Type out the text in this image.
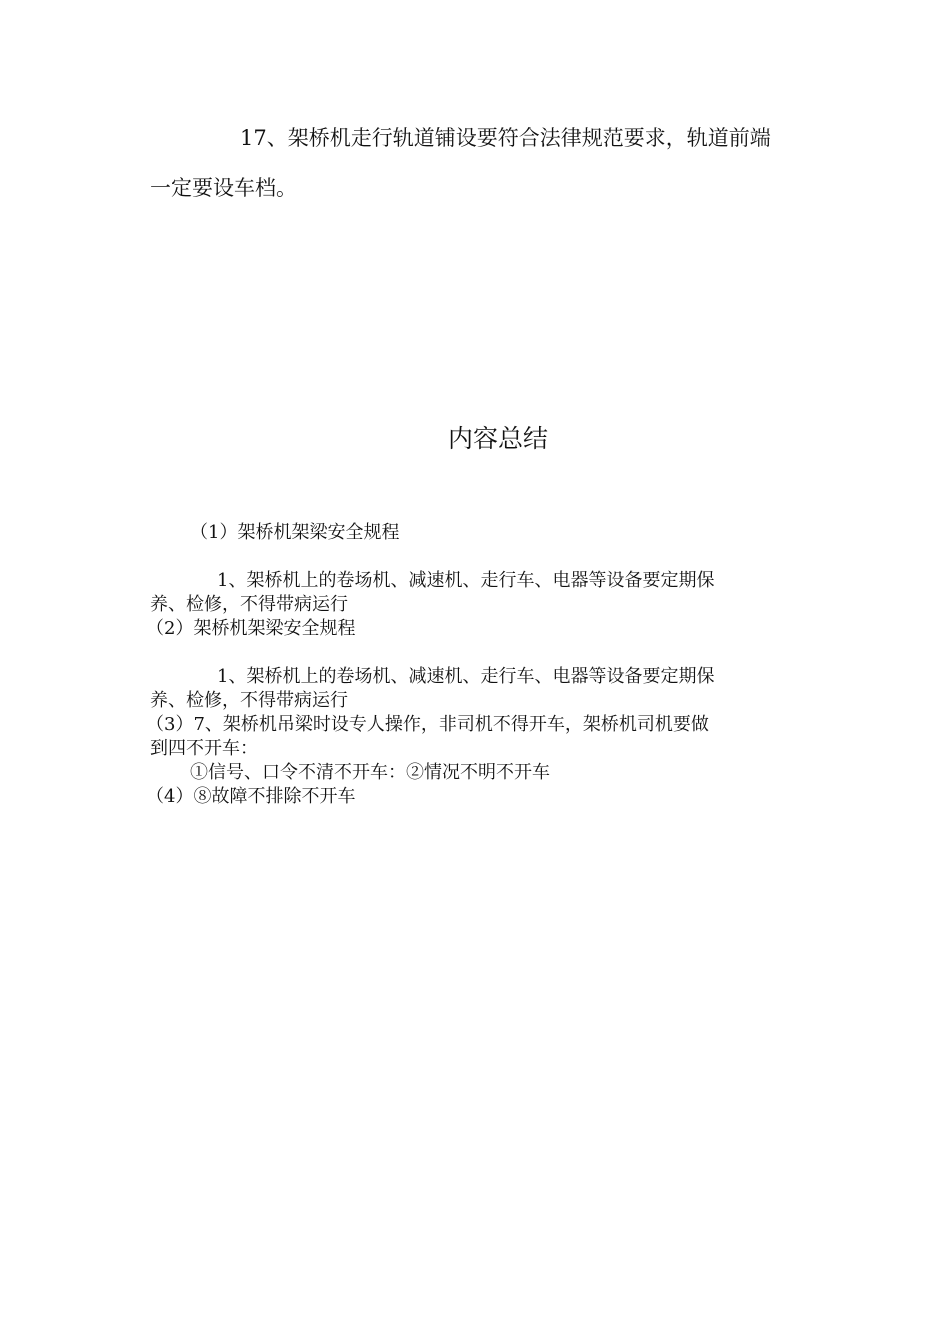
17、架桥机走行轨道铺设要符合法律规范要求，轨道前端
一定要设车档。
内容总结
（1）架桥机架梁安全规程
1、架桥机上的卷场机、减速机、走行车、电器等设备要定期保
养、检修，不得带病运行
（2）架桥机架梁安全规程
1、架桥机上的卷场机、减速机、走行车、电器等设备要定期保
养、检修，不得带病运行
（3）7、架桥机吊梁时设专人操作，非司机不得开车，架桥机司机要做
到四不开车：
①信号、口令不清不开车：②情况不明不开车
（4）⑧故障不排除不开车
